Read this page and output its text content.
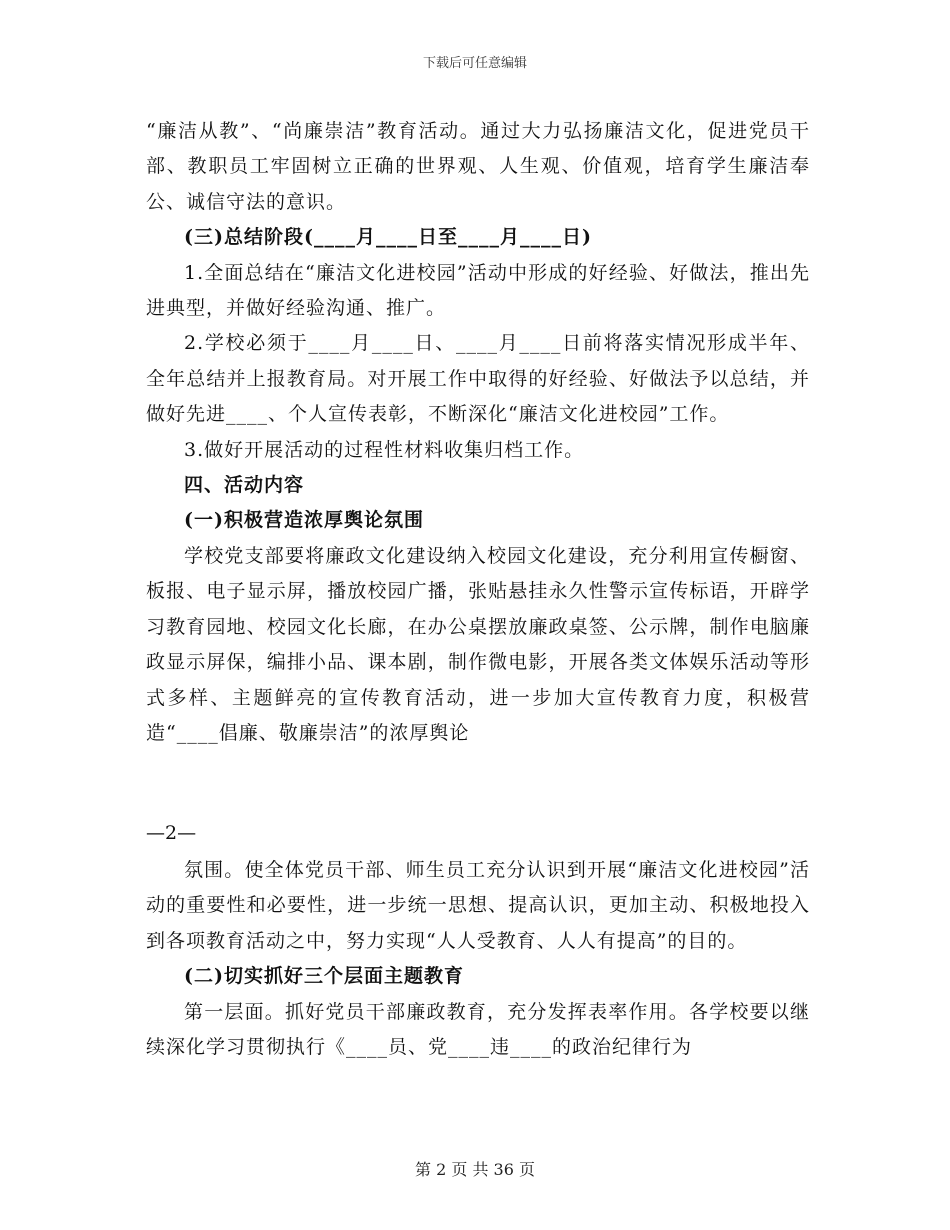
下载后可任意编辑

“廉洁从教”、“尚廉崇洁”教育活动。通过大力弘扬廉洁文化，促进党员干部、教职员工牢固树立正确的世界观、人生观、价值观，培育学生廉洁奉公、诚信守法的意识。

(三)总结阶段(____月____日至____月____日)

1.全面总结在“廉洁文化进校园”活动中形成的好经验、好做法，推出先进典型，并做好经验沟通、推广。

2.学校必须于____月____日、____月____日前将落实情况形成半年、全年总结并上报教育局。对开展工作中取得的好经验、好做法予以总结，并做好先进____、个人宣传表彰，不断深化“廉洁文化进校园”工作。

3.做好开展活动的过程性材料收集归档工作。

四、活动内容

(一)积极营造浓厚舆论氛围

学校党支部要将廉政文化建设纳入校园文化建设，充分利用宣传橱窗、板报、电子显示屏，播放校园广播，张贴悬挂永久性警示宣传标语，开辟学习教育园地、校园文化长廊，在办公桌摆放廉政桌签、公示牌，制作电脑廉政显示屏保，编排小品、课本剧，制作微电影，开展各类文体娱乐活动等形式多样、主题鲜亮的宣传教育活动，进一步加大宣传教育力度，积极营造“____倡廉、敬廉崇洁”的浓厚舆论

—2—

氛围。使全体党员干部、师生员工充分认识到开展“廉洁文化进校园”活动的重要性和必要性，进一步统一思想、提高认识，更加主动、积极地投入到各项教育活动之中，努力实现“人人受教育、人人有提高”的目的。

(二)切实抓好三个层面主题教育

第一层面。抓好党员干部廉政教育，充分发挥表率作用。各学校要以继续深化学习贯彻执行《____员、党____违____的政治纪律行为

第 2 页 共 36 页
